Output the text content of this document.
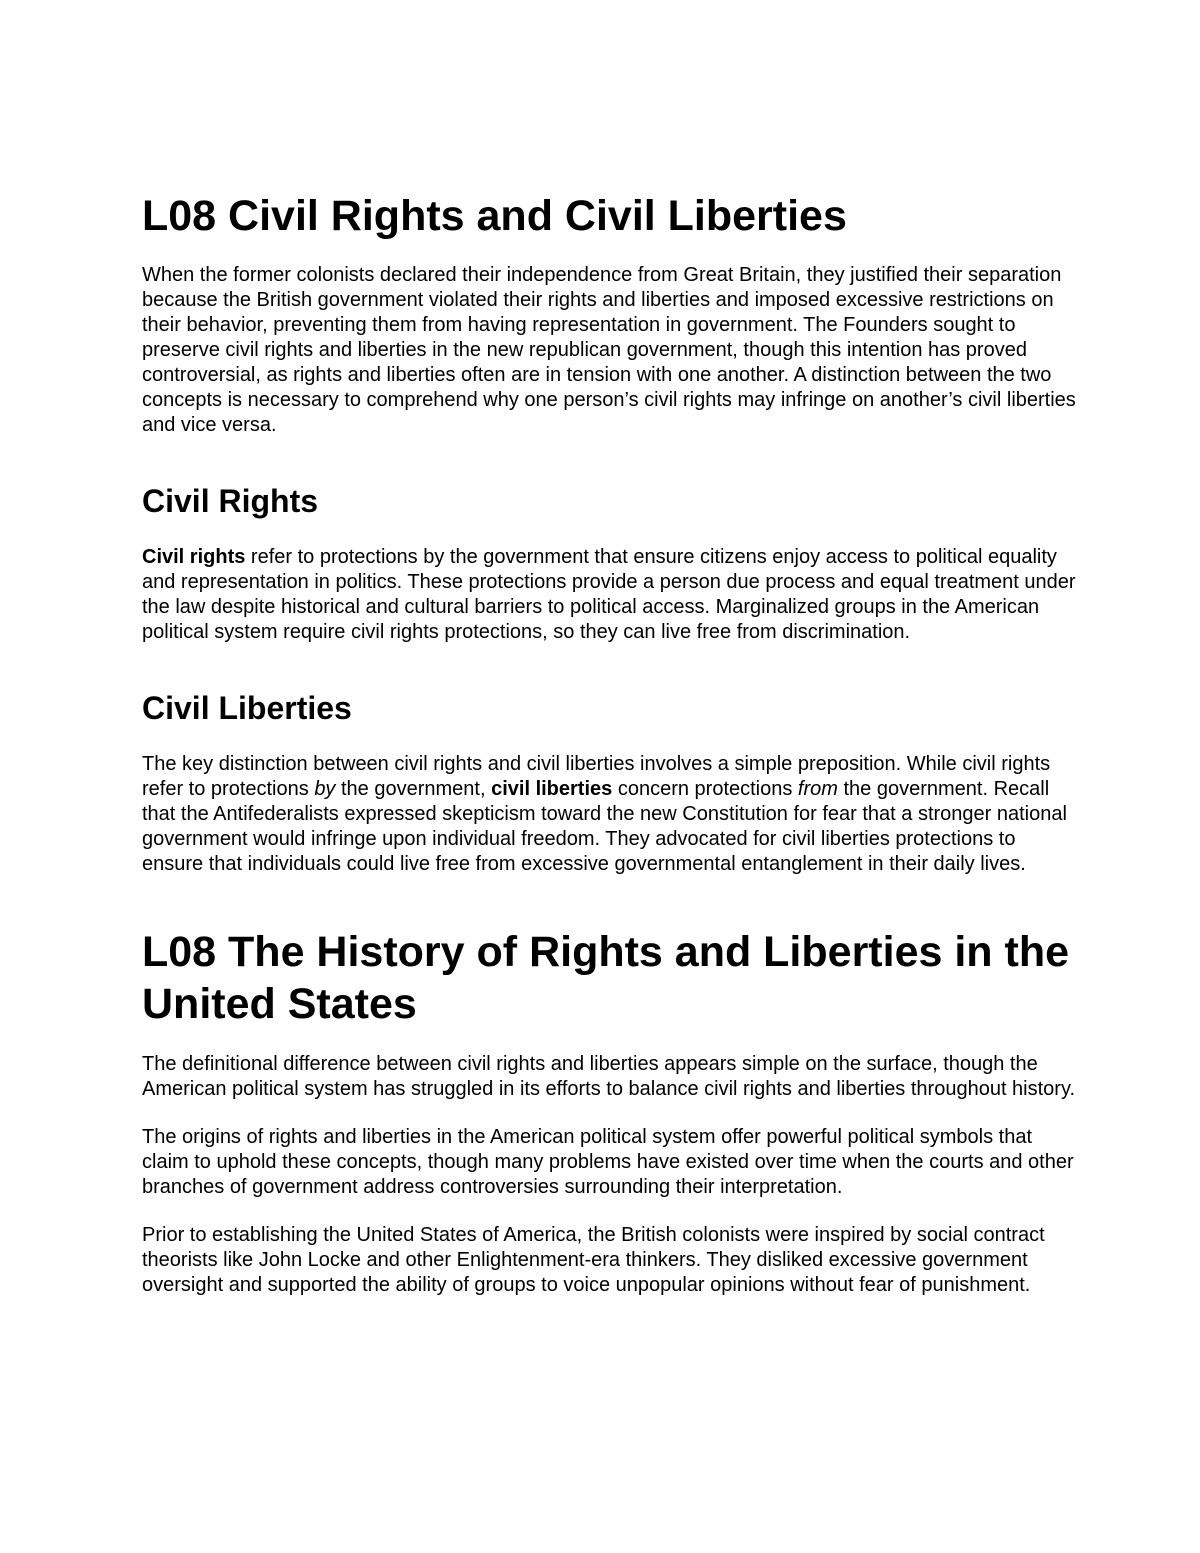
L08 Civil Rights and Civil Liberties

When the former colonists declared their independence from Great Britain, they justified their separation because the British government violated their rights and liberties and imposed excessive restrictions on their behavior, preventing them from having representation in government. The Founders sought to preserve civil rights and liberties in the new republican government, though this intention has proved controversial, as rights and liberties often are in tension with one another. A distinction between the two concepts is necessary to comprehend why one person’s civil rights may infringe on another’s civil liberties and vice versa.

Civil Rights

Civil rights refer to protections by the government that ensure citizens enjoy access to political equality and representation in politics. These protections provide a person due process and equal treatment under the law despite historical and cultural barriers to political access. Marginalized groups in the American political system require civil rights protections, so they can live free from discrimination.

Civil Liberties

The key distinction between civil rights and civil liberties involves a simple preposition. While civil rights refer to protections by the government, civil liberties concern protections from the government. Recall that the Antifederalists expressed skepticism toward the new Constitution for fear that a stronger national government would infringe upon individual freedom. They advocated for civil liberties protections to ensure that individuals could live free from excessive governmental entanglement in their daily lives.

L08 The History of Rights and Liberties in the United States

The definitional difference between civil rights and liberties appears simple on the surface, though the American political system has struggled in its efforts to balance civil rights and liberties throughout history.

The origins of rights and liberties in the American political system offer powerful political symbols that claim to uphold these concepts, though many problems have existed over time when the courts and other branches of government address controversies surrounding their interpretation.

Prior to establishing the United States of America, the British colonists were inspired by social contract theorists like John Locke and other Enlightenment-era thinkers. They disliked excessive government oversight and supported the ability of groups to voice unpopular opinions without fear of punishment.
